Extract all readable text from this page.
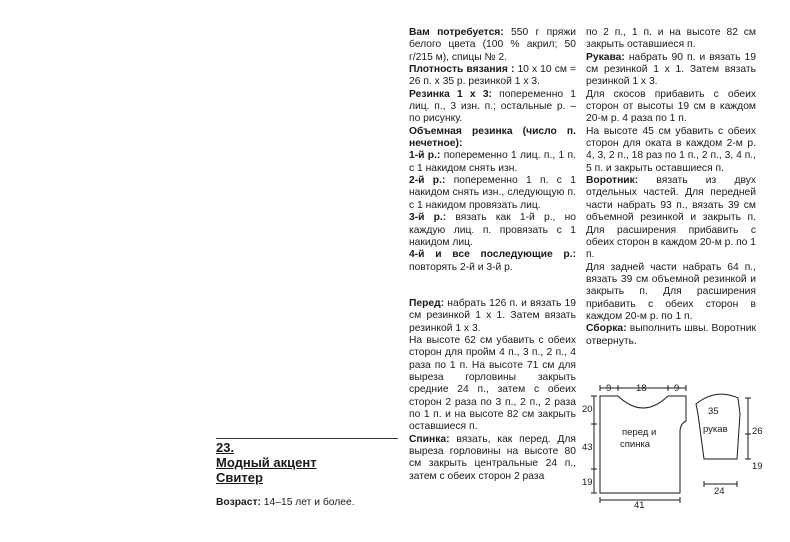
Вам потребуется: 550 г пряжи белого цвета (100 % акрил; 50 г/215 м), спицы № 2.

Плотность вязания : 10 x 10 см = 26 п. x 35 р. резинкой 1 x 3.

Резинка 1 х 3: попеременно 1 лиц. п., 3 изн. п.; остальные р. – по рисунку.

Объемная резинка (число п. нечетное):

1-й р.: попеременно 1 лиц. п., 1 п. с 1 накидом снять изн.

2-й р.: попеременно 1 п. с 1 накидом снять изн., следующую п. с 1 накидом провязать лиц.

3-й р.: вязать как 1-й р., но каждую лиц. п. провязать с 1 накидом лиц.

4-й и все последующие р.: повторять 2-й и 3-й р.

Перед: набрать 126 п. и вязать 19 см резинкой 1 x 1. Затем вязать резинкой 1 x 3.

На высоте 62 см убавить с обеих сторон для пройм 4 п., 3 п., 2 п., 4 раза по 1 п. На высоте 71 см для выреза горловины закрыть средние 24 п., затем с обеих сторон 2 раза по 3 п., 2 п., 2 раза по 1 п. и на высоте 82 см закрыть оставшиеся п.

Спинка: вязать, как перед. Для выреза горловины на высоте 80 см закрыть центральные 24 п., затем с обеих сторон 2 раза

по 2 п., 1 п. и на высоте 82 см закрыть оставшиеся п.

Рукава: набрать 90 п. и вязать 19 см резинкой 1 x 1. Затем вязать резинкой 1 x 3.

Для скосов прибавить с обеих сторон от высоты 19 см в каждом 20-м р. 4 раза по 1 п.

На высоте 45 см убавить с обеих сторон для оката в каждом 2-м р. 4, 3, 2 п., 18 раз по 1 п., 2 п., 3, 4 п., 5 п. и закрыть оставшиеся п.

Воротник: вязать из двух отдельных частей. Для передней части набрать 93 п., вязать 39 см объемной резинкой и закрыть п. Для расширения прибавить с обеих сторон в каждом 20-м р. по 1 п.

Для задней части набрать 64 п., вязать 39 см объемной резинкой и закрыть п. Для расширения прибавить с обеих сторон в каждом 20-м р. по 1 п.

Сборка: выполнить швы. Воротник отвернуть.

23.
Модный акцент
Свитер
Возраст: 14–15 лет и более.
9	18	9
20
43
19
41
перед и
спинка
рукав
35
26
19
24
